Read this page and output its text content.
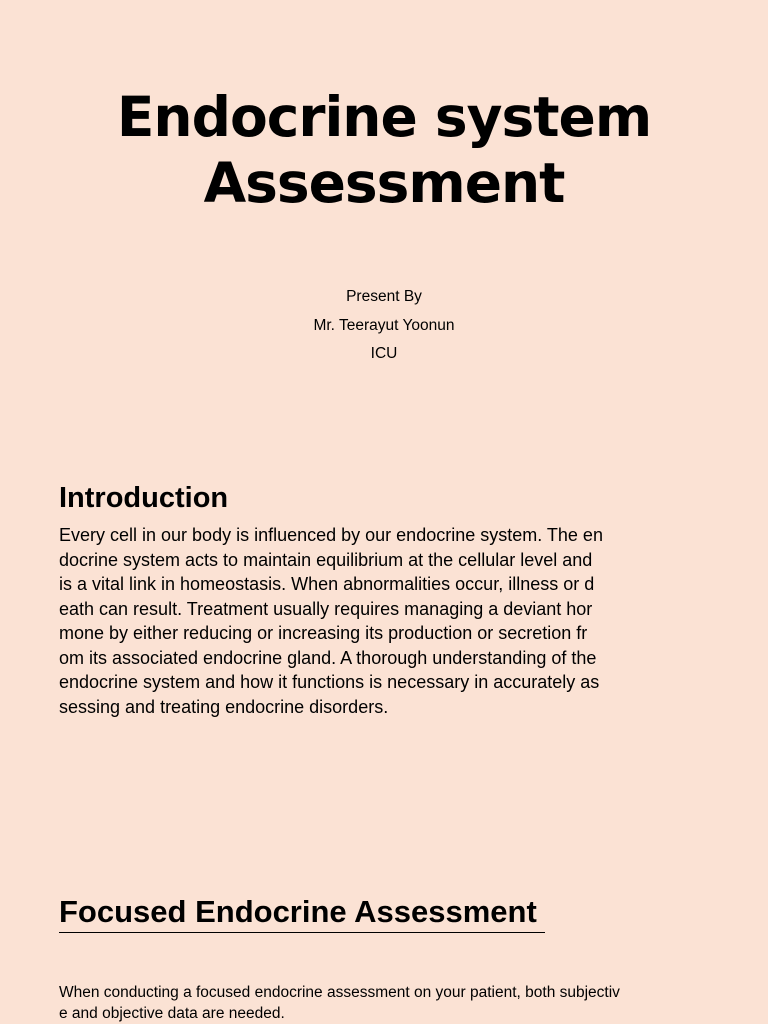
Endocrine system
Assessment
Present By
Mr. Teerayut Yoonun
ICU
Introduction

Every cell in our body is influenced by our endocrine system. The en
docrine system acts to maintain equilibrium at the cellular level and
is a vital link in homeostasis. When abnormalities occur, illness or d
eath can result. Treatment usually requires managing a deviant hor
mone by either reducing or increasing its production or secretion fr
om its associated endocrine gland. A thorough understanding of the
endocrine system and how it functions is necessary in accurately as
sessing and treating endocrine disorders.

Focused Endocrine Assessment

When conducting a focused endocrine assessment on your patient, both subjectiv
e and objective data are needed.
